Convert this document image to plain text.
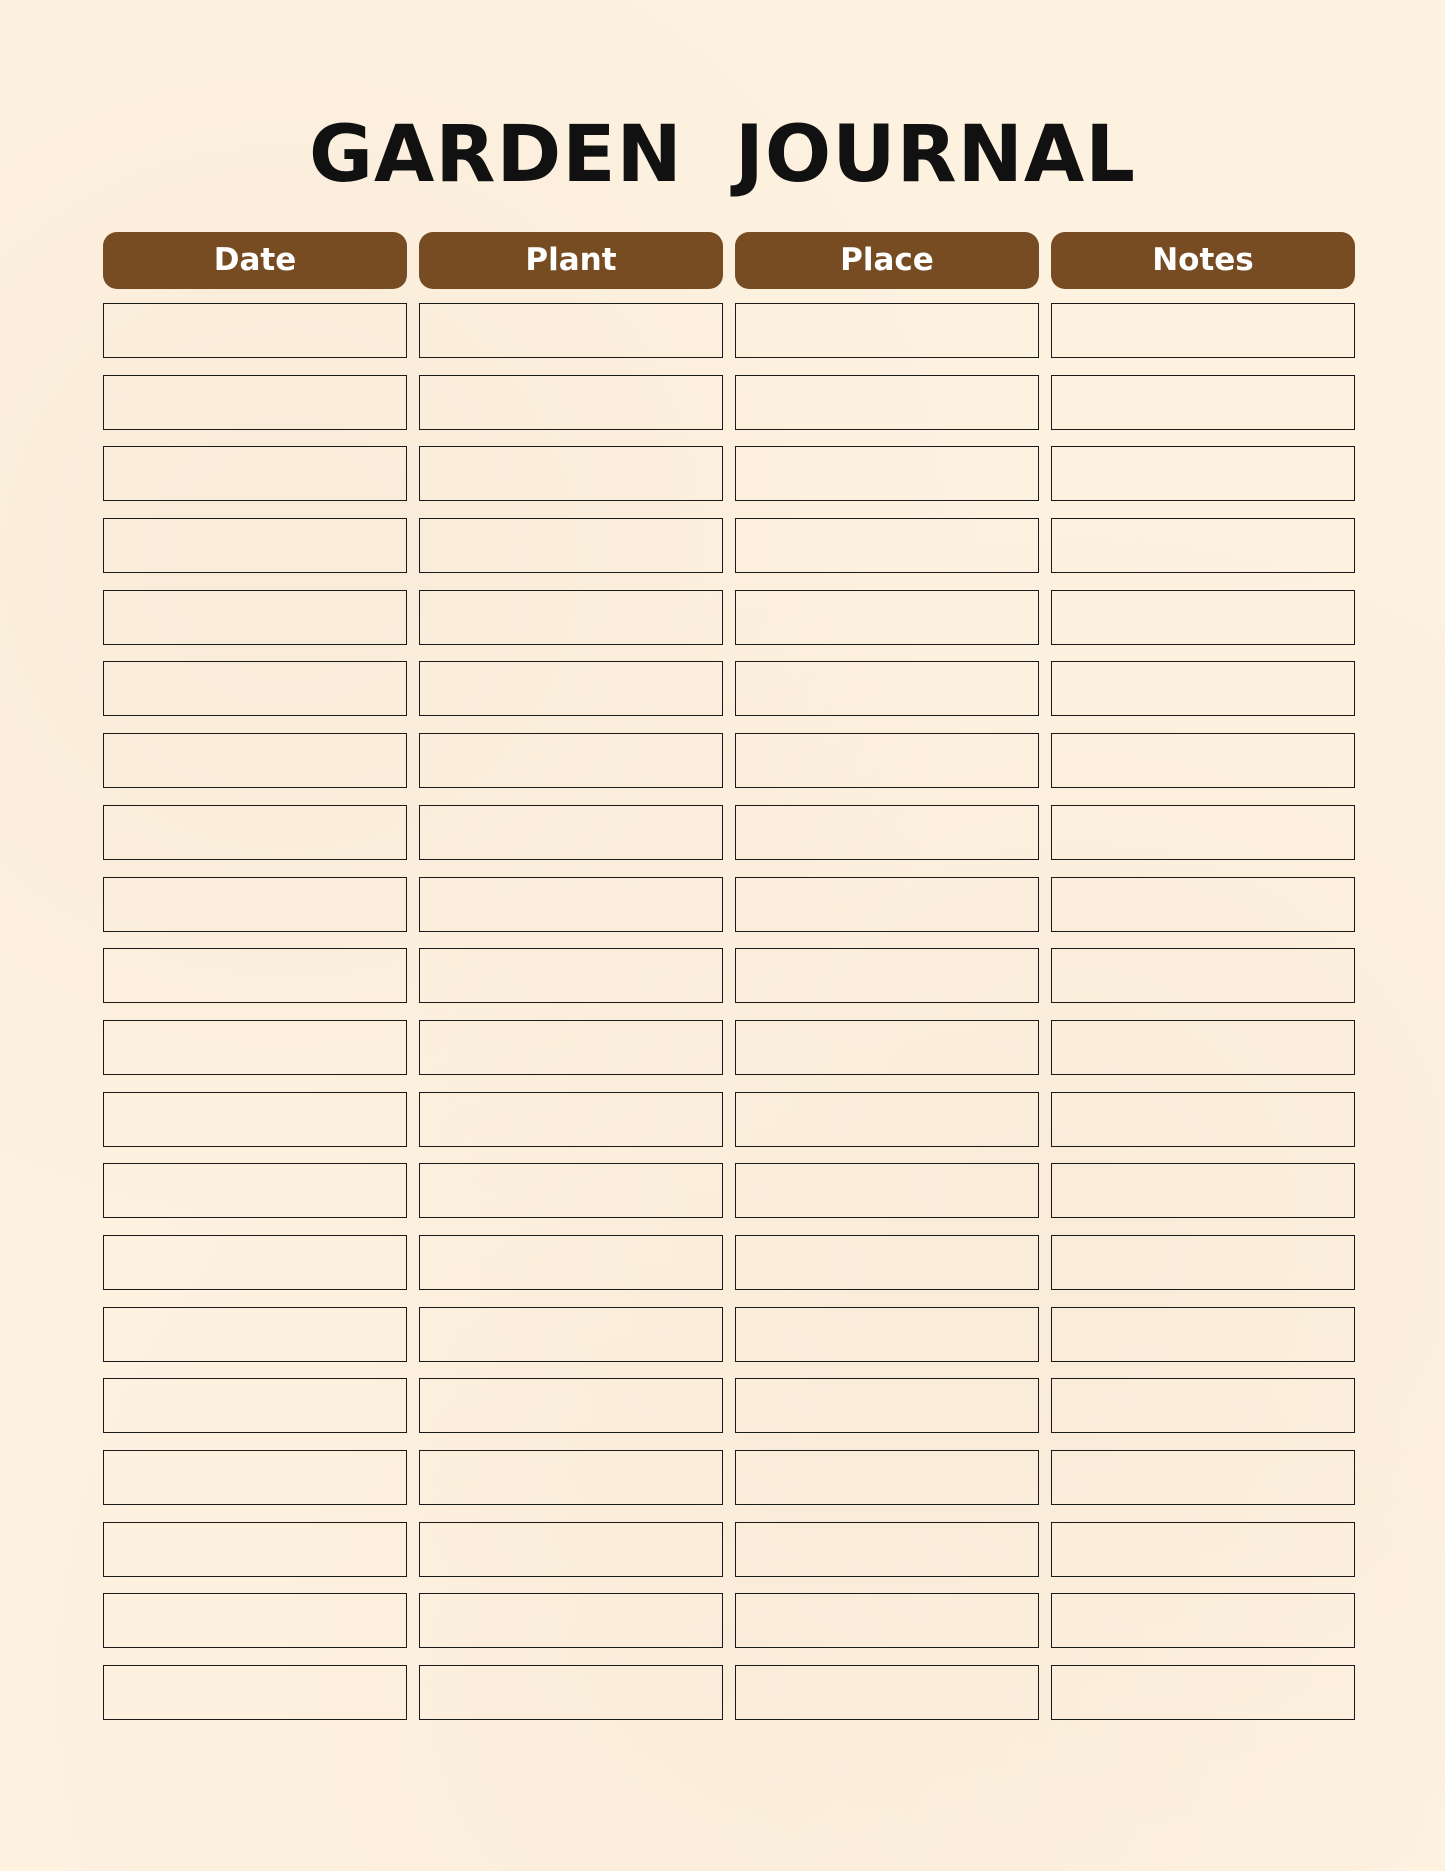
GARDEN JOURNAL
Date	Plant	Place	Notes
